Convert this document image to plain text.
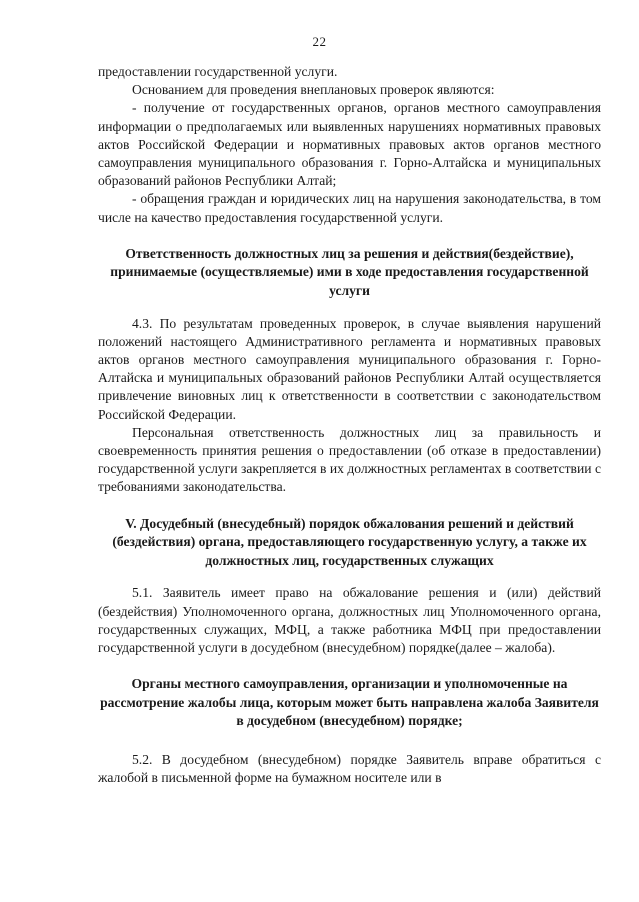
22

предоставлении государственной услуги.

Основанием для проведения внеплановых проверок являются:

- получение от государственных органов, органов местного самоуправления информации о предполагаемых или выявленных нарушениях нормативных правовых актов Российской Федерации и нормативных правовых актов органов местного самоуправления муниципального образования г. Горно-Алтайска и муниципальных образований районов Республики Алтай;

- обращения граждан и юридических лиц на нарушения законодательства, в том числе на качество предоставления государственной услуги.

Ответственность должностных лиц за решения и действия(бездействие), принимаемые (осуществляемые) ими в ходе предоставления государственной услуги

4.3. По результатам проведенных проверок, в случае выявления нарушений положений настоящего Административного регламента и нормативных правовых актов органов местного самоуправления муниципального образования г. Горно-Алтайска и муниципальных образований районов Республики Алтай осуществляется привлечение виновных лиц к ответственности в соответствии с законодательством Российской Федерации.

Персональная ответственность должностных лиц за правильность и своевременность принятия решения о предоставлении (об отказе в предоставлении) государственной услуги закрепляется в их должностных регламентах в соответствии с требованиями законодательства.

V. Досудебный (внесудебный) порядок обжалования решений и действий (бездействия) органа, предоставляющего государственную услугу, а также их должностных лиц, государственных служащих

5.1. Заявитель имеет право на обжалование решения и (или) действий (бездействия) Уполномоченного органа, должностных лиц Уполномоченного органа, государственных служащих, МФЦ, а также работника МФЦ при предоставлении государственной услуги в досудебном (внесудебном) порядке(далее – жалоба).

Органы местного самоуправления, организации и уполномоченные на рассмотрение жалобы лица, которым может быть направлена жалоба Заявителя в досудебном (внесудебном) порядке;

5.2. В досудебном (внесудебном) порядке Заявитель вправе обратиться с жалобой в письменной форме на бумажном носителе или в
